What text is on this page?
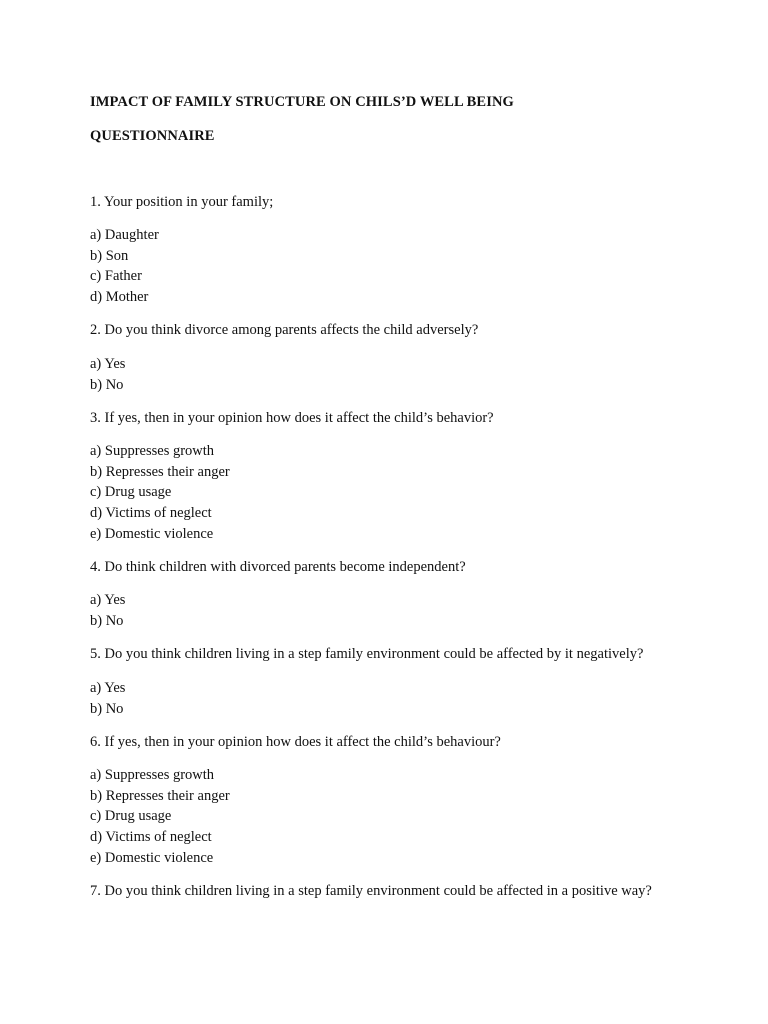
IMPACT OF FAMILY STRUCTURE ON CHILS’D WELL BEING
QUESTIONNAIRE
1. Your position in your family;
a) Daughter
b) Son
c) Father
d) Mother
2. Do you think divorce among parents affects the child adversely?
a) Yes
b) No
3. If yes, then in your opinion how does it affect the child’s behavior?
a) Suppresses growth
b) Represses their anger
c) Drug usage
d) Victims of neglect
e) Domestic violence
4. Do think children with divorced parents become independent?
a) Yes
b) No
5. Do you think children living in a step family environment could be affected by it negatively?
a) Yes
b) No
6. If yes, then in your opinion how does it affect the child’s behaviour?
a) Suppresses growth
b) Represses their anger
c) Drug usage
d) Victims of neglect
e) Domestic violence
7. Do you think children living in a step family environment could be affected in a positive way?
